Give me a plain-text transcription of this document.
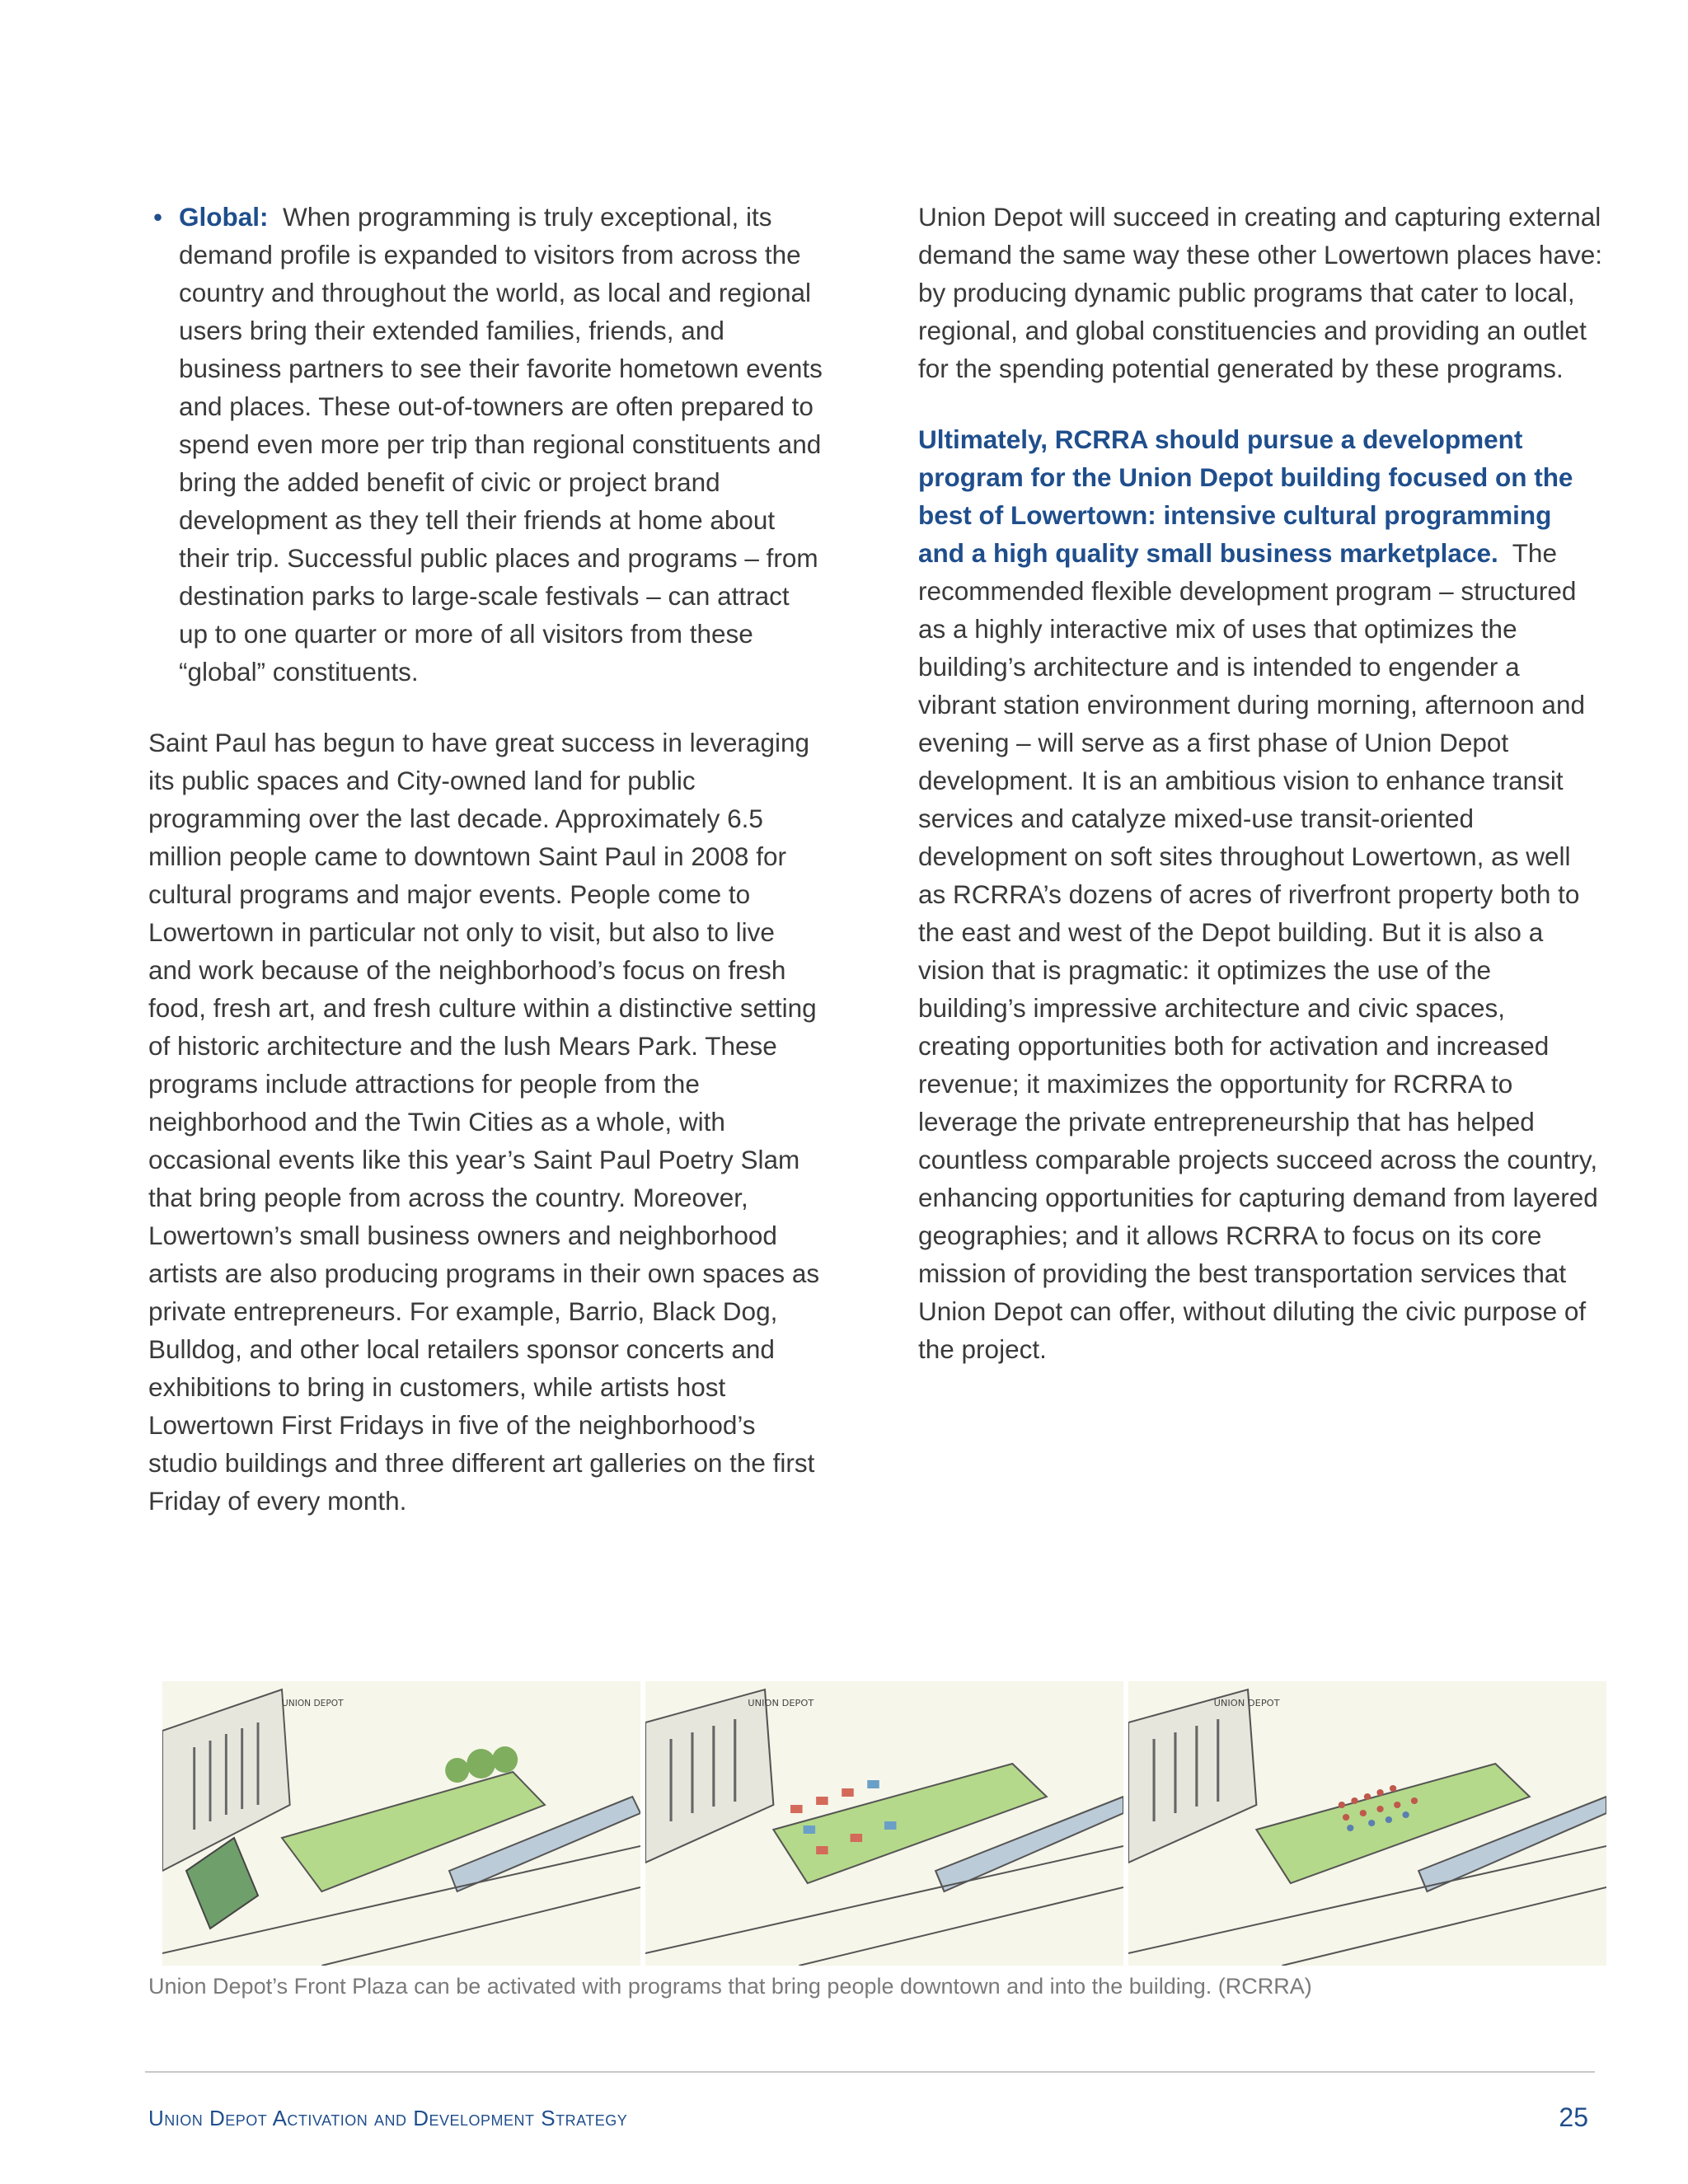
• Global: When programming is truly exceptional, its demand profile is expanded to visitors from across the country and throughout the world, as local and regional users bring their extended families, friends, and business partners to see their favorite hometown events and places. These out-of-towners are often prepared to spend even more per trip than regional constituents and bring the added benefit of civic or project brand development as they tell their friends at home about their trip. Successful public places and programs – from destination parks to large-scale festivals – can attract up to one quarter or more of all visitors from these “global” constituents.

Saint Paul has begun to have great success in leveraging its public spaces and City-owned land for public programming over the last decade. Approximately 6.5 million people came to downtown Saint Paul in 2008 for cultural programs and major events. People come to Lowertown in particular not only to visit, but also to live and work because of the neighborhood’s focus on fresh food, fresh art, and fresh culture within a distinctive setting of historic architecture and the lush Mears Park. These programs include attractions for people from the neighborhood and the Twin Cities as a whole, with occasional events like this year’s Saint Paul Poetry Slam that bring people from across the country. Moreover, Lowertown’s small business owners and neighborhood artists are also producing programs in their own spaces as private entrepreneurs. For example, Barrio, Black Dog, Bulldog, and other local retailers sponsor concerts and exhibitions to bring in customers, while artists host Lowertown First Fridays in five of the neighborhood’s studio buildings and three different art galleries on the first Friday of every month.

Union Depot will succeed in creating and capturing external demand the same way these other Lowertown places have: by producing dynamic public programs that cater to local, regional, and global constituencies and providing an outlet for the spending potential generated by these programs.

Ultimately, RCRRA should pursue a development program for the Union Depot building focused on the best of Lowertown: intensive cultural programming and a high quality small business marketplace. The recommended flexible development program – structured as a highly interactive mix of uses that optimizes the building’s architecture and is intended to engender a vibrant station environment during morning, afternoon and evening – will serve as a first phase of Union Depot development. It is an ambitious vision to enhance transit services and catalyze mixed-use transit-oriented development on soft sites throughout Lowertown, as well as RCRRA’s dozens of acres of riverfront property both to the east and west of the Depot building. But it is also a vision that is pragmatic: it optimizes the use of the building’s impressive architecture and civic spaces, creating opportunities both for activation and increased revenue; it maximizes the opportunity for RCRRA to leverage the private entrepreneurship that has helped countless comparable projects succeed across the country, enhancing opportunities for capturing demand from layered geographies; and it allows RCRRA to focus on its core mission of providing the best transportation services that Union Depot can offer, without diluting the civic purpose of the project.

UNION DEPOT	UNION DEPOT	UNION DEPOT
Union Depot’s Front Plaza can be activated with programs that bring people downtown and into the building. (RCRRA)
Union Depot Activation and Development Strategy	25
